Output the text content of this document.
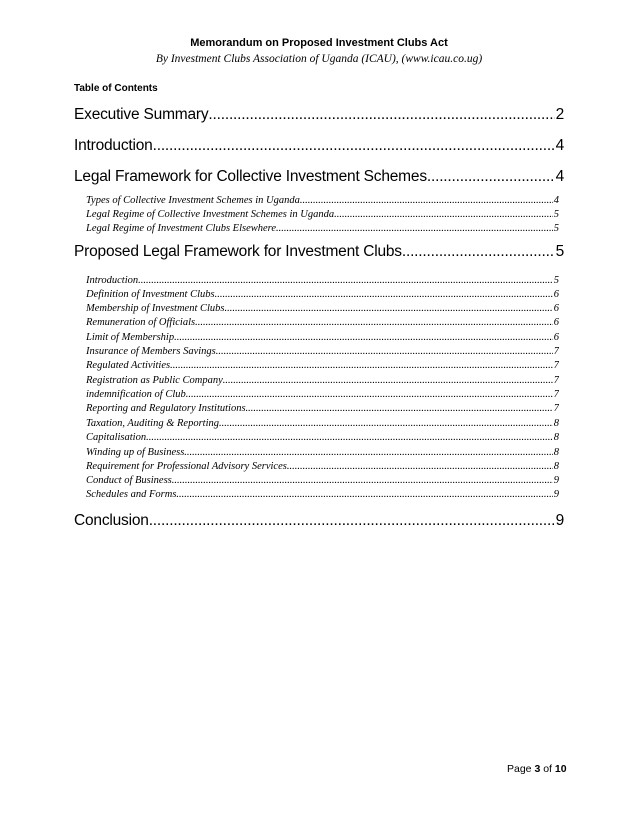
Memorandum on Proposed Investment Clubs Act
By Investment Clubs Association of Uganda (ICAU), (www.icau.co.ug)
Table of Contents
Executive Summary .....	2
Introduction .....	4
Legal Framework for Collective Investment Schemes .....	4
Types of Collective Investment Schemes in Uganda .....	4
Legal Regime of Collective Investment Schemes in Uganda .....	5
Legal Regime of Investment Clubs Elsewhere .....	5
Proposed Legal Framework for Investment Clubs .....	5
Introduction .....	5
Definition of Investment Clubs .....	6
Membership of Investment Clubs .....	6
Remuneration of Officials .....	6
Limit of Membership .....	6
Insurance of Members Savings .....	7
Regulated Activities .....	7
Registration as Public Company .....	7
indemnification of Club .....	7
Reporting and Regulatory Institutions .....	7
Taxation, Auditing & Reporting .....	8
Capitalisation .....	8
Winding up of Business .....	8
Requirement for Professional Advisory Services .....	8
Conduct of Business .....	9
Schedules and Forms .....	9
Conclusion .....	9
Page 3 of 10
